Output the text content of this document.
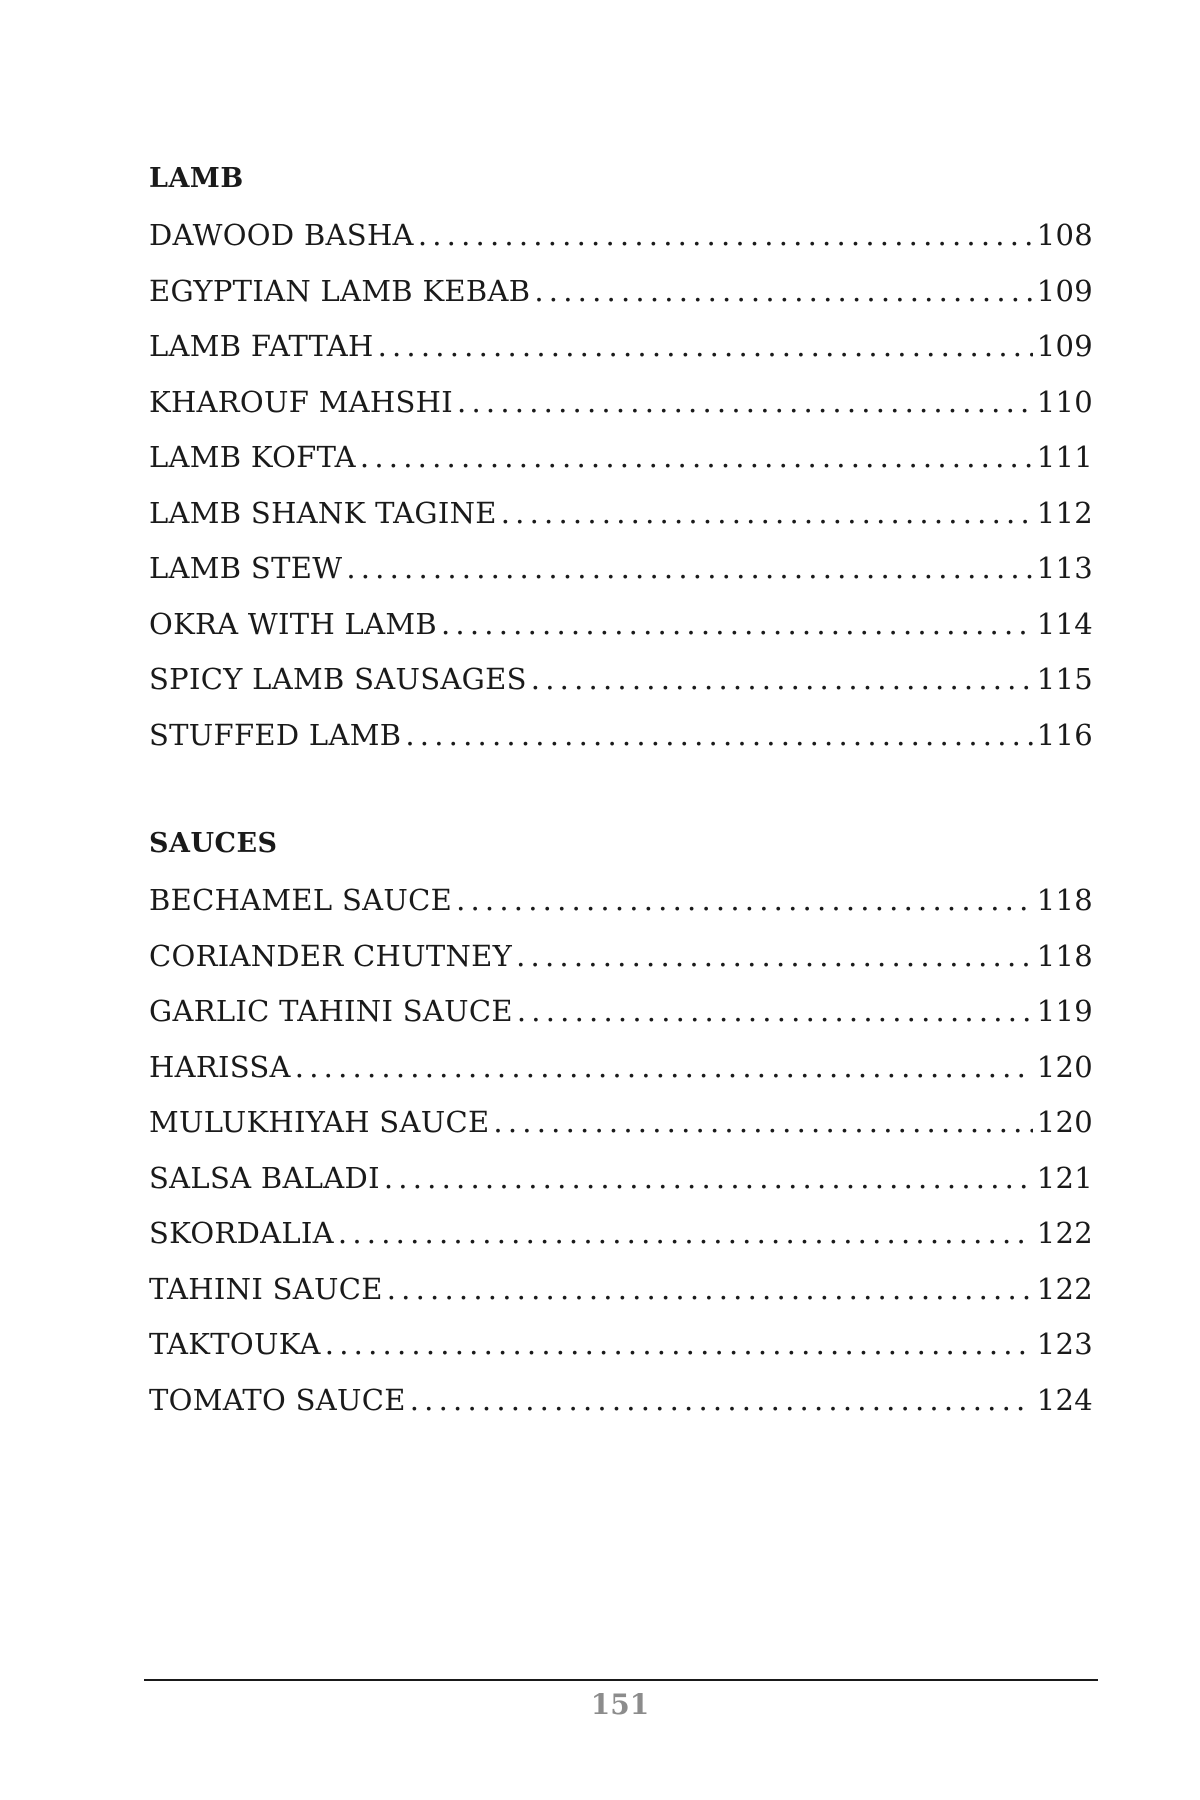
LAMB
DAWOOD BASHA . . .	108
EGYPTIAN LAMB KEBAB . . .	109
LAMB FATTAH . . .	109
KHAROUF MAHSHI . . .	110
LAMB KOFTA . . .	111
LAMB SHANK TAGINE . . .	112
LAMB STEW . . .	113
OKRA WITH LAMB . . .	114
SPICY LAMB SAUSAGES . . .	115
STUFFED LAMB . . .	116
SAUCES
BECHAMEL SAUCE . . .	118
CORIANDER CHUTNEY . . .	118
GARLIC TAHINI SAUCE . . .	119
HARISSA . . .	120
MULUKHIYAH SAUCE . . .	120
SALSA BALADI . . .	121
SKORDALIA . . .	122
TAHINI SAUCE . . .	122
TAKTOUKA . . .	123
TOMATO SAUCE . . .	124
151
